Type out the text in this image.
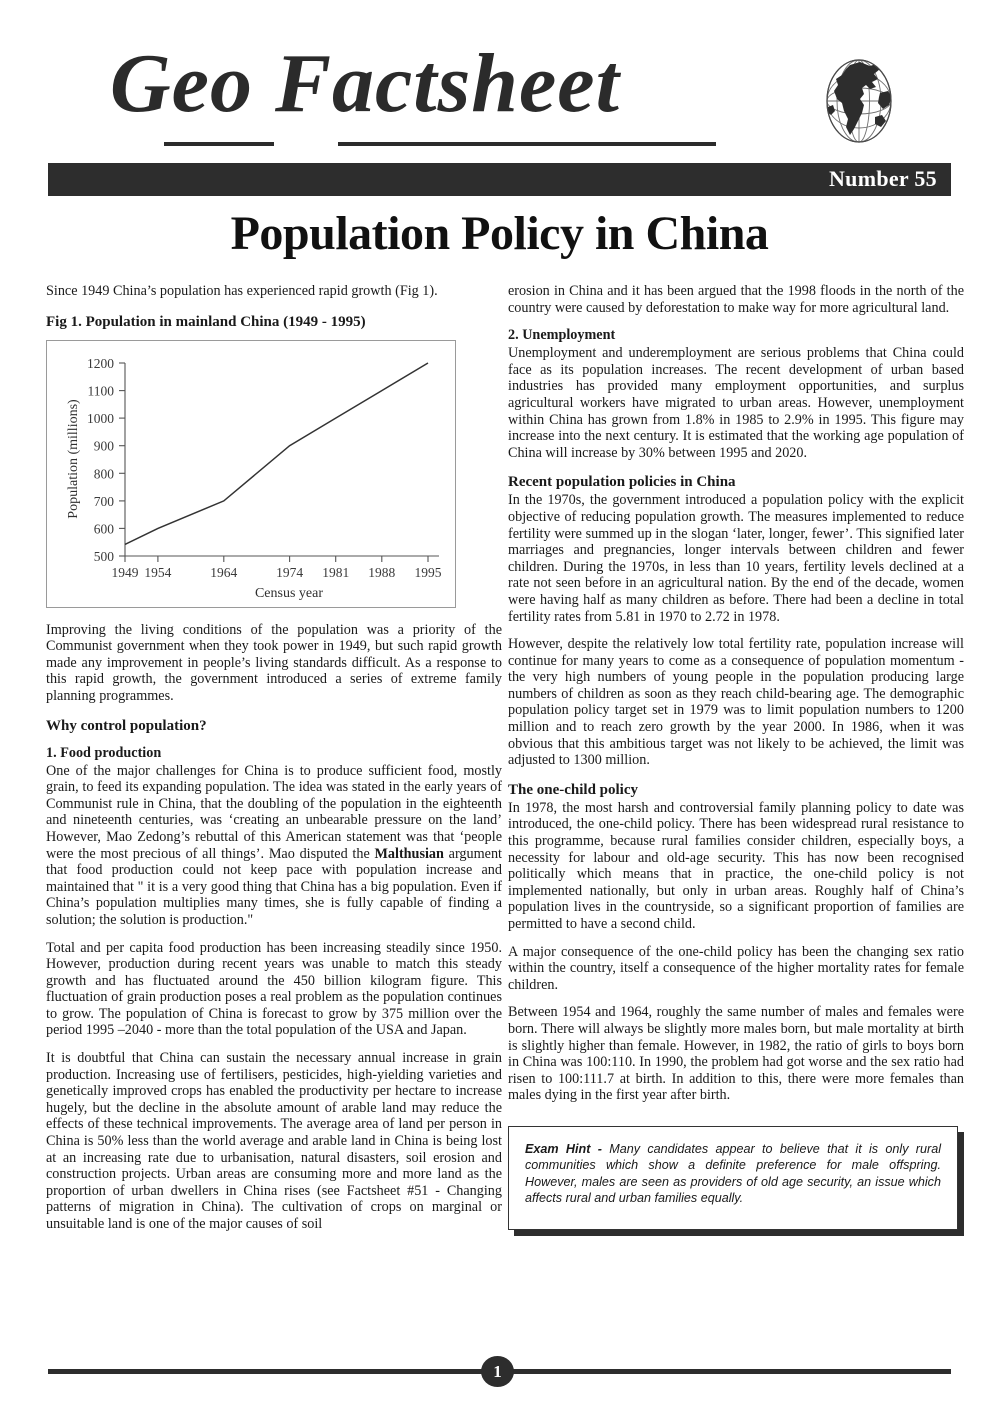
Geo Factsheet
Number 55
Population Policy in China

Since 1949 China’s population has experienced rapid growth (Fig 1).

Fig 1. Population in mainland China (1949 - 1995)
500
600
700
800
900
1000
1100
1200
1949 1954	1964	1974 1981 1988 1995
Census year
Population (millions)

Improving the living conditions of the population was a priority of the Communist government when they took power in 1949, but such rapid growth made any improvement in people’s living standards difficult. As a response to this rapid growth, the government introduced a series of extreme family planning programmes.

Why control population?
1. Food production

One of the major challenges for China is to produce sufficient food, mostly grain, to feed its expanding population. The idea was stated in the early years of Communist rule in China, that the doubling of the population in the eighteenth and nineteenth centuries, was ‘creating an unbearable pressure on the land’ However, Mao Zedong’s rebuttal of this American statement was that ‘people were the most precious of all things’. Mao disputed the Malthusian argument that food production could not keep pace with population increase and maintained that " it is a very good thing that China has a big population. Even if China’s population multiplies many times, she is fully capable of finding a solution; the solution is production."

Total and per capita food production has been increasing steadily since 1950. However, production during recent years was unable to match this steady growth and has fluctuated around the 450 billion kilogram figure. This fluctuation of grain production poses a real problem as the population continues to grow. The population of China is forecast to grow by 375 million over the period 1995 –2040 - more than the total population of the USA and Japan.

It is doubtful that China can sustain the necessary annual increase in grain production. Increasing use of fertilisers, pesticides, high-yielding varieties and genetically improved crops has enabled the productivity per hectare to increase hugely, but the decline in the absolute amount of arable land may reduce the effects of these technical improvements. The average area of land per person in China is 50% less than the world average and arable land in China is being lost at an increasing rate due to urbanisation, natural disasters, soil erosion and construction projects. Urban areas are consuming more and more land as the proportion of urban dwellers in China rises (see Factsheet #51 - Changing patterns of migration in China). The cultivation of crops on marginal or unsuitable land is one of the major causes of soil

erosion in China and it has been argued that the 1998 floods in the north of the country were caused by deforestation to make way for more agricultural land.

2. Unemployment

Unemployment and underemployment are serious problems that China could face as its population increases. The recent development of urban based industries has provided many employment opportunities, and surplus agricultural workers have migrated to urban areas. However, unemployment within China has grown from 1.8% in 1985 to 2.9% in 1995. This figure may increase into the next century. It is estimated that the working age population of China will increase by 30% between 1995 and 2020.

Recent population policies in China

In the 1970s, the government introduced a population policy with the explicit objective of reducing population growth. The measures implemented to reduce fertility were summed up in the slogan ‘later, longer, fewer’. This signified later marriages and pregnancies, longer intervals between children and fewer children. During the 1970s, in less than 10 years, fertility levels declined at a rate not seen before in an agricultural nation. By the end of the decade, women were having half as many children as before. There had been a decline in total fertility rates from 5.81 in 1970 to 2.72 in 1978.

However, despite the relatively low total fertility rate, population increase will continue for many years to come as a consequence of population momentum - the very high numbers of young people in the population producing large numbers of children as soon as they reach child-bearing age. The demographic population policy target set in 1979 was to limit population numbers to 1200 million and to reach zero growth by the year 2000. In 1986, when it was obvious that this ambitious target was not likely to be achieved, the limit was adjusted to 1300 million.

The one-child policy

In 1978, the most harsh and controversial family planning policy to date was introduced, the one-child policy. There has been widespread rural resistance to this programme, because rural families consider children, especially boys, a necessity for labour and old-age security. This has now been recognised politically which means that in practice, the one-child policy is not implemented nationally, but only in urban areas. Roughly half of China’s population lives in the countryside, so a significant proportion of families are permitted to have a second child.

A major consequence of the one-child policy has been the changing sex ratio within the country, itself a consequence of the higher mortality rates for female children.

Between 1954 and 1964, roughly the same number of males and females were born. There will always be slightly more males born, but male mortality at birth is slightly higher than female. However, in 1982, the ratio of girls to boys born in China was 100:110. In 1990, the problem had got worse and the sex ratio had risen to 100:111.7 at birth. In addition to this, there were more females than males dying in the first year after birth.

Exam Hint - Many candidates appear to believe that it is only rural communities which show a definite preference for male offspring. However, males are seen as providers of old age security, an issue which affects rural and urban families equally.
1
